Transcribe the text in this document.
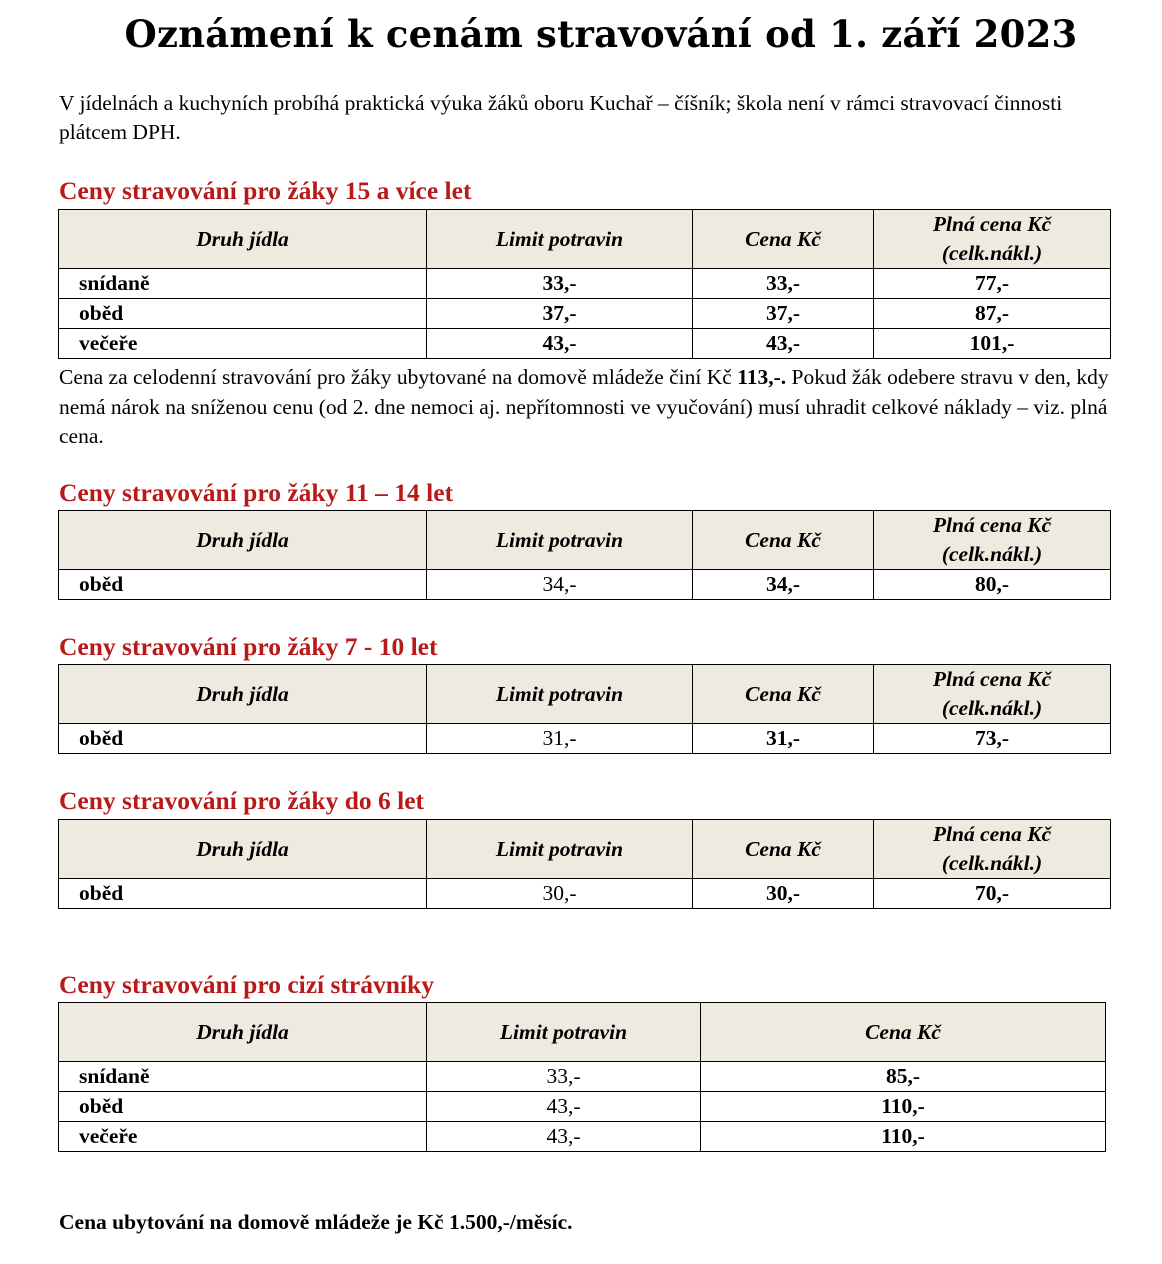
Oznámení k cenám stravování od 1. září 2023
V jídelnách a kuchyních probíhá praktická výuka žáků oboru Kuchař – číšník; škola není v rámci stravovací činnosti plátcem DPH.
Ceny stravování pro žáky 15 a více let
Druh jídla	Limit potravin	Cena Kč	Plná cena Kč
(celk.nákl.)
snídaně	33,-	33,-	77,-
oběd	37,-	37,-	87,-
večeře	43,-	43,-	101,-
Cena za celodenní stravování pro žáky ubytované na domově mládeže činí Kč 113,-. Pokud žák odebere stravu v den, kdy nemá nárok na sníženou cenu (od 2. dne nemoci aj. nepřítomnosti ve vyučování) musí uhradit celkové náklady – viz. plná cena.
Ceny stravování pro žáky 11 – 14 let
Druh jídla	Limit potravin	Cena Kč	Plná cena Kč
(celk.nákl.)
oběd	34,-	34,-	80,-
Ceny stravování pro žáky 7 - 10 let
Druh jídla	Limit potravin	Cena Kč	Plná cena Kč
(celk.nákl.)
oběd	31,-	31,-	73,-
Ceny stravování pro žáky do 6 let
Druh jídla	Limit potravin	Cena Kč	Plná cena Kč
(celk.nákl.)
oběd	30,-	30,-	70,-
Ceny stravování pro cizí strávníky
Druh jídla	Limit potravin	Cena Kč
snídaně	33,-	85,-
oběd	43,-	110,-
večeře	43,-	110,-
Cena ubytování na domově mládeže je Kč 1.500,-/měsíc.
